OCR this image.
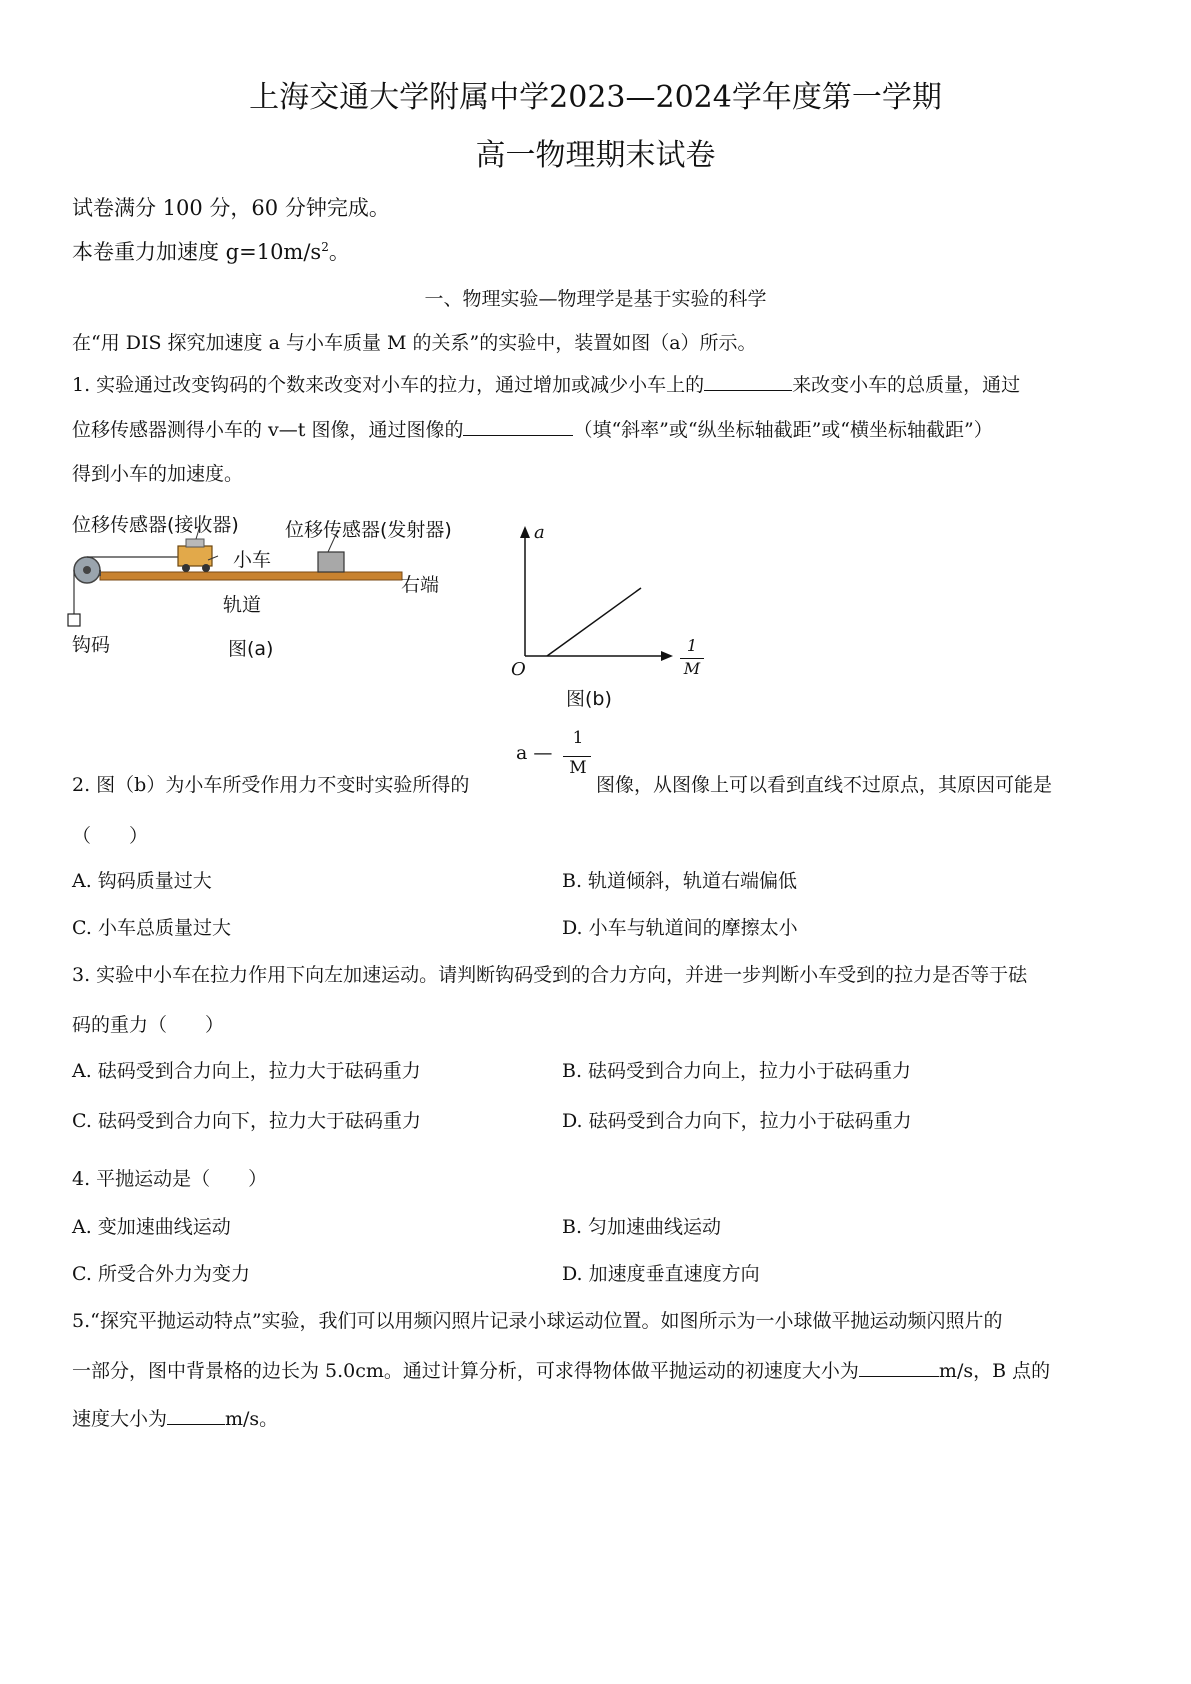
上海交通大学附属中学2023—2024学年度第一学期
高一物理期末试卷
试卷满分 100 分，60 分钟完成。
本卷重力加速度 $g=10m/s^2$。
一、物理实验—物理学是基于实验的科学
在“用 DIS 探究加速度 a 与小车质量 M 的关系”的实验中，装置如图（a）所示。
1. 实验通过改变钩码的个数来改变对小车的拉力，通过增加或减少小车上的	来改变小车的总质量，通过
位移传感器测得小车的 v—t 图像，通过图像的	（填“斜率”或“纵坐标轴截距”或“横坐标轴截距”）
得到小车的加速度。
位移传感器(接收器) 位移传感器(发射器)
小车
右端
轨道
钩码	图(a)
a
1
M
O
图(b)
2. 图（b）为小车所受作用力不变时实验所得的
a —
1
M
图像，从图像上可以看到直线不过原点，其原因可能是
（　　）
A. 钩码质量过大	B. 轨道倾斜，轨道右端偏低
C. 小车总质量过大	D. 小车与轨道间的摩擦太小
3. 实验中小车在拉力作用下向左加速运动。请判断钩码受到的合力方向，并进一步判断小车受到的拉力是否等于砝
码的重力（　　）
A. 砝码受到合力向上，拉力大于砝码重力	B. 砝码受到合力向上，拉力小于砝码重力
C. 砝码受到合力向下，拉力大于砝码重力	D. 砝码受到合力向下，拉力小于砝码重力
4. 平抛运动是（　　）
A. 变加速曲线运动	B. 匀加速曲线运动
C. 所受合外力为变力	D. 加速度垂直速度方向
5.“探究平抛运动特点”实验，我们可以用频闪照片记录小球运动位置。如图所示为一小球做平抛运动频闪照片的
一部分，图中背景格的边长为 5.0cm。通过计算分析，可求得物体做平抛运动的初速度大小为	m/s，B 点的
速度大小为	m/s。
